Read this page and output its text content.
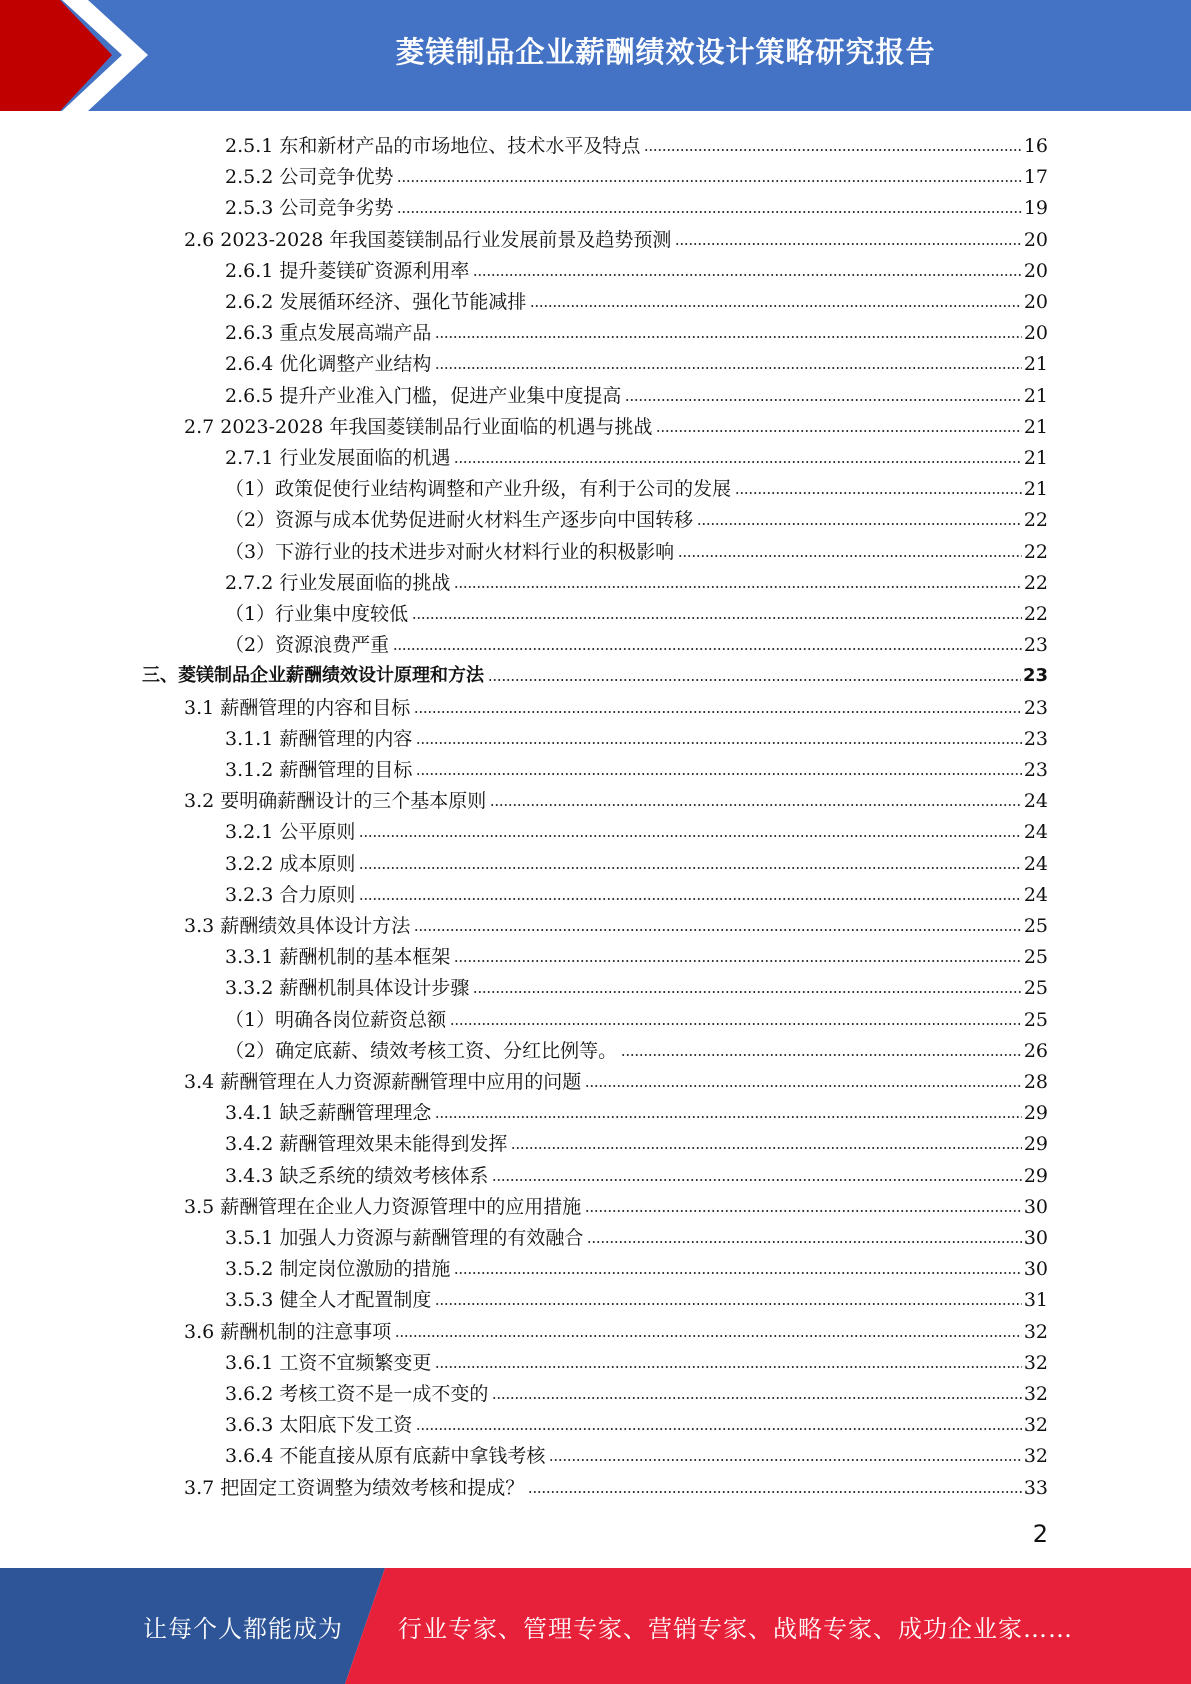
菱镁制品企业薪酬绩效设计策略研究报告
2.5.1 东和新材产品的市场地位、技术水平及特点	16
2.5.2 公司竞争优势	17
2.5.3 公司竞争劣势	19
2.6 2023-2028 年我国菱镁制品行业发展前景及趋势预测	20
2.6.1 提升菱镁矿资源利用率	20
2.6.2 发展循环经济、强化节能减排	20
2.6.3 重点发展高端产品	20
2.6.4 优化调整产业结构	21
2.6.5 提升产业准入门槛，促进产业集中度提高	21
2.7 2023-2028 年我国菱镁制品行业面临的机遇与挑战	21
2.7.1 行业发展面临的机遇	21
（1）政策促使行业结构调整和产业升级，有利于公司的发展	21
（2）资源与成本优势促进耐火材料生产逐步向中国转移	22
（3）下游行业的技术进步对耐火材料行业的积极影响	22
2.7.2 行业发展面临的挑战	22
（1）行业集中度较低	22
（2）资源浪费严重	23
三、菱镁制品企业薪酬绩效设计原理和方法	23
3.1 薪酬管理的内容和目标	23
3.1.1 薪酬管理的内容	23
3.1.2 薪酬管理的目标	23
3.2 要明确薪酬设计的三个基本原则	24
3.2.1 公平原则	24
3.2.2 成本原则	24
3.2.3 合力原则	24
3.3 薪酬绩效具体设计方法	25
3.3.1 薪酬机制的基本框架	25
3.3.2 薪酬机制具体设计步骤	25
（1）明确各岗位薪资总额	25
（2）确定底薪、绩效考核工资、分红比例等。	26
3.4 薪酬管理在人力资源薪酬管理中应用的问题	28
3.4.1 缺乏薪酬管理理念	29
3.4.2 薪酬管理效果未能得到发挥	29
3.4.3 缺乏系统的绩效考核体系	29
3.5 薪酬管理在企业人力资源管理中的应用措施	30
3.5.1 加强人力资源与薪酬管理的有效融合	30
3.5.2 制定岗位激励的措施	30
3.5.3 健全人才配置制度	31
3.6 薪酬机制的注意事项	32
3.6.1 工资不宜频繁变更	32
3.6.2 考核工资不是一成不变的	32
3.6.3 太阳底下发工资	32
3.6.4 不能直接从原有底薪中拿钱考核	32
3.7 把固定工资调整为绩效考核和提成？	33
2
让每个人都能成为 行业专家、管理专家、营销专家、战略专家、成功企业家……
